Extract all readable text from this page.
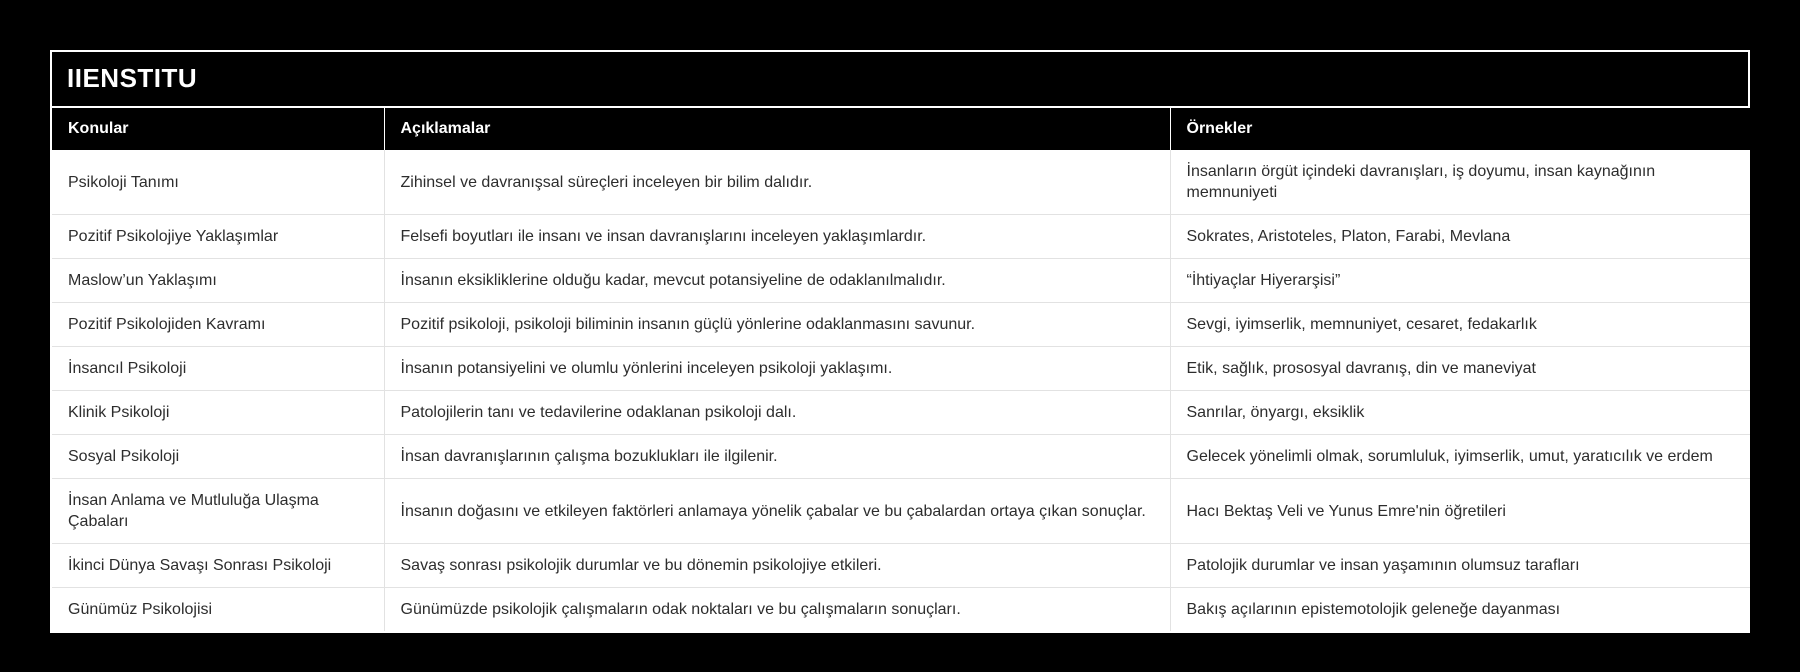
IIENSTITU
Konular	Açıklamalar	Örnekler
Psikoloji Tanımı	Zihinsel ve davranışsal süreçleri inceleyen bir bilim dalıdır.	İnsanların örgüt içindeki davranışları, iş doyumu, insan kaynağının memnuniyeti
Pozitif Psikolojiye Yaklaşımlar	Felsefi boyutları ile insanı ve insan davranışlarını inceleyen yaklaşımlardır.	Sokrates, Aristoteles, Platon, Farabi, Mevlana
Maslow’un Yaklaşımı	İnsanın eksikliklerine olduğu kadar, mevcut potansiyeline de odaklanılmalıdır.	“İhtiyaçlar Hiyerarşisi”
Pozitif Psikolojiden Kavramı	Pozitif psikoloji, psikoloji biliminin insanın güçlü yönlerine odaklanmasını savunur.	Sevgi, iyimserlik, memnuniyet, cesaret, fedakarlık
İnsancıl Psikoloji	İnsanın potansiyelini ve olumlu yönlerini inceleyen psikoloji yaklaşımı.	Etik, sağlık, prososyal davranış, din ve maneviyat
Klinik Psikoloji	Patolojilerin tanı ve tedavilerine odaklanan psikoloji dalı.	Sanrılar, önyargı, eksiklik
Sosyal Psikoloji	İnsan davranışlarının çalışma bozuklukları ile ilgilenir.	Gelecek yönelimli olmak, sorumluluk, iyimserlik, umut, yaratıcılık ve erdem
İnsan Anlama ve Mutluluğa Ulaşma Çabaları	İnsanın doğasını ve etkileyen faktörleri anlamaya yönelik çabalar ve bu çabalardan ortaya çıkan sonuçlar.	Hacı Bektaş Veli ve Yunus Emre'nin öğretileri
İkinci Dünya Savaşı Sonrası Psikoloji	Savaş sonrası psikolojik durumlar ve bu dönemin psikolojiye etkileri.	Patolojik durumlar ve insan yaşamının olumsuz tarafları
Günümüz Psikolojisi	Günümüzde psikolojik çalışmaların odak noktaları ve bu çalışmaların sonuçları.	Bakış açılarının epistemotolojik geleneğe dayanması
